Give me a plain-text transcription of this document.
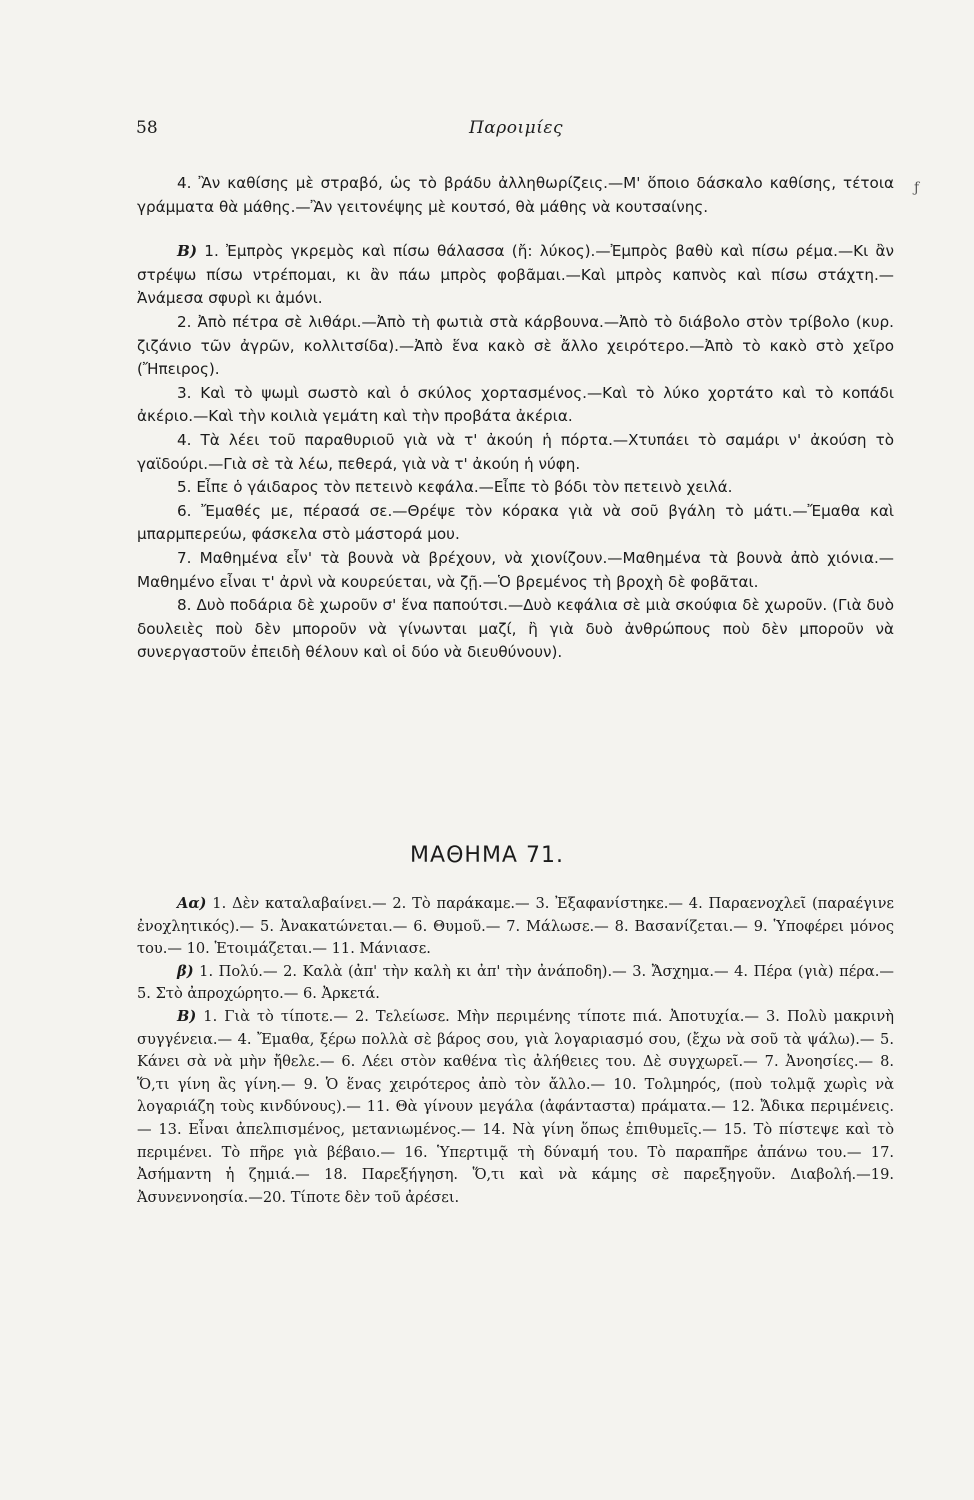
58	Παροιμίες
ƒ

4. Ἂν καθίσης μὲ στραβό, ὡς τὸ βράδυ ἀλληθωρίζεις.—Μ' ὅποιο δάσκαλο καθίσης, τέτοια γράμματα θὰ μάθης.—Ἂν γειτονέψης μὲ κουτσό, θὰ μάθης νὰ κουτσαίνης.

Β) 1. Ἐμπρὸς γκρεμὸς καὶ πίσω θάλασσα (ἤ: λύκος).—Ἐμπρὸς βαθὺ καὶ πίσω ρέμα.—Κι ἂν στρέψω πίσω ντρέπομαι, κι ἂν πάω μπρὸς φοβᾶμαι.—Καὶ μπρὸς καπνὸς καὶ πίσω στάχτη.—Ἀνάμεσα σφυρὶ κι ἀμόνι.

2. Ἀπὸ πέτρα σὲ λιθάρι.—Ἀπὸ τὴ φωτιὰ στὰ κάρβουνα.—Ἀπὸ τὸ διάβολο στὸν τρίβολο (κυρ. ζιζάνιο τῶν ἀγρῶν, κολλιτσίδα).—Ἀπὸ ἕνα κακὸ σὲ ἄλλο χειρότερο.—Ἀπὸ τὸ κακὸ στὸ χεῖρο (Ἤπειρος).

3. Καὶ τὸ ψωμὶ σωστὸ καὶ ὁ σκύλος χορτασμένος.—Καὶ τὸ λύκο χορτάτο καὶ τὸ κοπάδι ἀκέριο.—Καὶ τὴν κοιλιὰ γεμάτη καὶ τὴν προβάτα ἀκέρια.

4. Τὰ λέει τοῦ παραθυριοῦ γιὰ νὰ τ' ἀκούη ἡ πόρτα.—Χτυπάει τὸ σαμάρι ν' ἀκούση τὸ γαϊδούρι.—Γιὰ σὲ τὰ λέω, πεθερά, γιὰ νὰ τ' ἀκούη ἡ νύφη.

5. Εἶπε ὁ γάιδαρος τὸν πετεινὸ κεφάλα.—Εἶπε τὸ βόδι τὸν πετεινὸ χειλά.

6. Ἔμαθές με, πέρασά σε.—Θρέψε τὸν κόρακα γιὰ νὰ σοῦ βγάλη τὸ μάτι.—Ἔμαθα καὶ μπαρμπερεύω, φάσκελα στὸ μάστορά μου.

7. Μαθημένα εἶν' τὰ βουνὰ νὰ βρέχουν, νὰ χιονίζουν.—Μαθημένα τὰ βουνὰ ἀπὸ χιόνια.—Μαθημένο εἶναι τ' ἀρνὶ νὰ κουρεύεται, νὰ ζῇ.—Ὁ βρεμένος τὴ βροχὴ δὲ φοβᾶται.

8. Δυὸ ποδάρια δὲ χωροῦν σ' ἕνα παπούτσι.—Δυὸ κεφάλια σὲ μιὰ σκούφια δὲ χωροῦν. (Γιὰ δυὸ δουλειὲς ποὺ δὲν μποροῦν νὰ γίνωνται μαζί, ἢ γιὰ δυὸ ἀνθρώπους ποὺ δὲν μποροῦν νὰ συνεργαστοῦν ἐπειδὴ θέλουν καὶ οἱ δύο νὰ διευθύνουν).

ΜΑΘΗΜΑ 71.

Αα) 1. Δὲν καταλαβαίνει.— 2. Τὸ παράκαμε.— 3. Ἐξαφανίστηκε.— 4. Παραενοχλεῖ (παραέγινε ἐνοχλητικός).— 5. Ἀνακατώνεται.— 6. Θυμοῦ.— 7. Μάλωσε.— 8. Βασανίζεται.— 9. Ὑποφέρει μόνος του.— 10. Ἑτοιμάζεται.— 11. Μάνιασε.

β) 1. Πολύ.— 2. Καλὰ (ἀπ' τὴν καλὴ κι ἀπ' τὴν ἀνάποδη).— 3. Ἄσχημα.— 4. Πέρα (γιὰ) πέρα.— 5. Στὸ ἀπροχώρητο.— 6. Ἀρκετά.

Β) 1. Γιὰ τὸ τίποτε.— 2. Τελείωσε. Μὴν περιμένης τίποτε πιά. Ἀποτυχία.— 3. Πολὺ μακρινὴ συγγένεια.— 4. Ἔμαθα, ξέρω πολλὰ σὲ βάρος σου, γιὰ λογαριασμό σου, (ἔχω νὰ σοῦ τὰ ψάλω).— 5. Κάνει σὰ νὰ μὴν ἤθελε.— 6. Λέει στὸν καθένα τὶς ἀλήθειες του. Δὲ συγχωρεῖ.— 7. Ἀνοησίες.— 8. Ὅ,τι γίνη ἂς γίνη.— 9. Ὁ ἕνας χειρότερος ἀπὸ τὸν ἄλλο.— 10. Τολμηρός, (ποὺ τολμᾷ χωρὶς νὰ λογαριάζη τοὺς κινδύνους).— 11. Θὰ γίνουν μεγάλα (ἀφάνταστα) πράματα.— 12. Ἄδικα περιμένεις.— 13. Εἶναι ἀπελπισμένος, μετανιωμένος.— 14. Νὰ γίνη ὅπως ἐπιθυμεῖς.— 15. Τὸ πίστεψε καὶ τὸ περιμένει. Τὸ πῆρε γιὰ βέβαιο.— 16. Ὑπερτιμᾷ τὴ δύναμή του. Τὸ παραπῆρε ἀπάνω του.— 17. Ἀσήμαντη ἡ ζημιά.— 18. Παρεξήγηση. Ὅ,τι καὶ νὰ κάμης σὲ παρεξηγοῦν. Διαβολή.—19. Ἀσυνεννοησία.—20. Τίποτε δὲν τοῦ ἀρέσει.
